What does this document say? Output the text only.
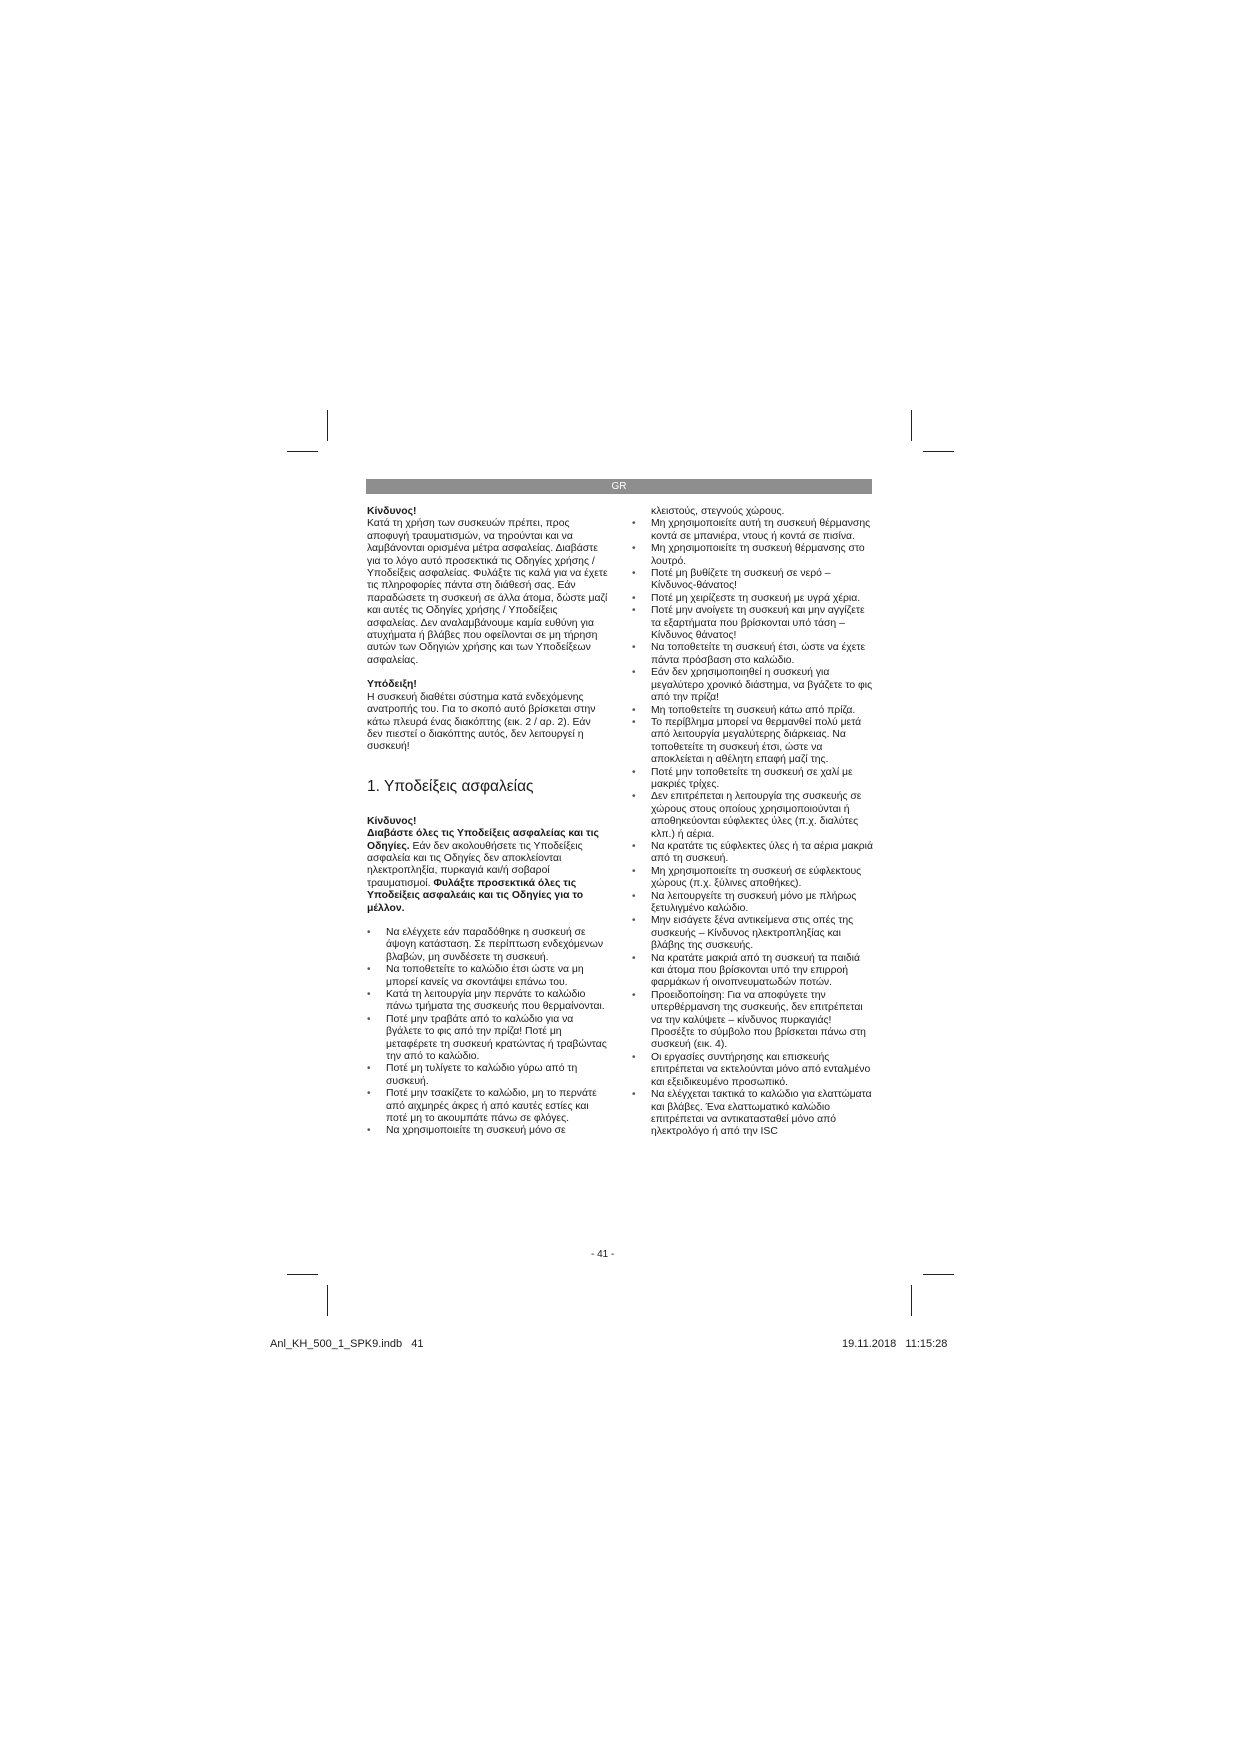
GR

Κίνδυνος!

Κατά τη χρήση των συσκευών πρέπει, προς αποφυγή τραυματισμών, να τηρούνται και να λαμβάνονται ορισμένα μέτρα ασφαλείας. Διαβάστε για το λόγο αυτό προσεκτικά τις Οδηγίες χρήσης / Υποδείξεις ασφαλείας. Φυλάξτε τις καλά για να έχετε τις πληροφορίες πάντα στη διάθεσή σας. Εάν παραδώσετε τη συσκευή σε άλλα άτομα, δώστε μαζί και αυτές τις Οδηγίες χρήσης / Υποδείξεις ασφαλείας. Δεν αναλαμβάνουμε καμία ευθύνη για ατυχήματα ή βλάβες που οφείλονται σε μη τήρηση αυτών των Οδηγιών χρήσης και των Υποδείξεων ασφαλείας.

Υπόδειξη!

Η συσκευή διαθέτει σύστημα κατά ενδεχόμενης ανατροπής του. Για το σκοπό αυτό βρίσκεται στην κάτω πλευρά ένας διακόπτης (εικ. 2 / αρ. 2). Εάν δεν πιεστεί ο διακόπτης αυτός, δεν λειτουργεί η συσκευή!

1. Υποδείξεις ασφαλείας

Κίνδυνος!

Διαβάστε όλες τις Υποδείξεις ασφαλείας και τις Οδηγίες. Εάν δεν ακολουθήσετε τις Υποδείξεις ασφαλεία και τις Οδηγίες δεν αποκλείονται ηλεκτροπληξία, πυρκαγιά και/ή σοβαροί τραυματισμοί. Φυλάξτε προσεκτικά όλες τις Υποδείξεις ασφαλεάις και τις Οδηγίες για το μέλλον.

• Να ελέγχετε εάν παραδόθηκε η συσκευή σε άψογη κατάσταση. Σε περίπτωση ενδεχόμενων βλαβών, μη συνδέσετε τη συσκευή.
• Να τοποθετείτε το καλώδιο έτσι ώστε να μη μπορεί κανείς να σκοντάψει επάνω του.
• Κατά τη λειτουργία μην περνάτε το καλώδιο πάνω τμήματα της συσκευής που θερμαίνονται.
• Ποτέ μην τραβάτε από το καλώδιο για να βγάλετε το φις από την πρίζα! Ποτέ μη μεταφέρετε τη συσκευή κρατώντας ή τραβώντας την από το καλώδιο.
• Ποτέ μη τυλίγετε το καλώδιο γύρω από τη συσκευή.
• Ποτέ μην τσακίζετε το καλώδιο, μη το περνάτε από αιχμηρές άκρες ή από καυτές εστίες και ποτέ μη το ακουμπάτε πάνω σε φλόγες.
• Να χρησιμοποιείτε τη συσκευή μόνο σε

κλειστούς, στεγνούς χώρους.

• Μη χρησιμοποιείτε αυτή τη συσκευή θέρμανσης κοντά σε μπανιέρα, ντους ή κοντά σε πισίνα.
• Μη χρησιμοποιείτε τη συσκευή θέρμανσης στο λουτρό.
• Ποτέ μη βυθίζετε τη συσκευή σε νερό – Κίνδυνος-θάνατος!
• Ποτέ μη χειρίζεστε τη συσκευή με υγρά χέρια.
• Ποτέ μην ανοίγετε τη συσκευή και μην αγγίζετε τα εξαρτήματα που βρίσκονται υπό τάση – Κίνδυνος θάνατος!
• Να τοποθετείτε τη συσκευή έτσι, ώστε να έχετε πάντα πρόσβαση στο καλώδιο.
• Εάν δεν χρησιμοποιηθεί η συσκευή για μεγαλύτερο χρονικό διάστημα, να βγάζετε το φις από την πρίζα!
• Μη τοποθετείτε τη συσκευή κάτω από πρίζα.
• Το περίβλημα μπορεί να θερμανθεί πολύ μετά από λειτουργία μεγαλύτερης διάρκειας. Να τοποθετείτε τη συσκευή έτσι, ώστε να αποκλείεται η αθέλητη επαφή μαζί της.
• Ποτέ μην τοποθετείτε τη συσκευή σε χαλί με μακριές τρίχες.
• Δεν επιτρέπεται η λειτουργία της συσκευής σε χώρους στους οποίους χρησιμοποιούνται ή αποθηκεύονται εύφλεκτες ύλες (π.χ. διαλύτες κλπ.) ή αέρια.
• Να κρατάτε τις εύφλεκτες ύλες ή τα αέρια μακριά από τη συσκευή.
• Μη χρησιμοποιείτε τη συσκευή σε εύφλεκτους χώρους (π.χ. ξύλινες αποθήκες).
• Να λειτουργείτε τη συσκευή μόνο με πλήρως ξετυλιγμένο καλώδιο.
• Μην εισάγετε ξένα αντικείμενα στις οπές της συσκευής – Κίνδυνος ηλεκτροπληξίας και βλάβης της συσκευής.
• Να κρατάτε μακριά από τη συσκευή τα παιδιά και άτομα που βρίσκονται υπό την επιρροή φαρμάκων ή οινοπνευματωδών ποτών.
• Προειδοποίηση: Για να αποφύγετε την υπερθέρμανση της συσκευής, δεν επιτρέπεται να την καλύψετε – κίνδυνος πυρκαγιάς! Προσέξτε το σύμβολο που βρίσκεται πάνω στη συσκευή (εικ. 4).
• Οι εργασίες συντήρησης και επισκευής επιτρέπεται να εκτελούνται μόνο από ενταλμένο και εξειδικευμένο προσωπικό.
• Να ελέγχεται τακτικά το καλώδιο για ελαττώματα και βλάβες. Ένα ελαττωματικό καλώδιο επιτρέπεται να αντικατασταθεί μόνο από ηλεκτρολόγο ή από την ISC
- 41 -
Anl_KH_500_1_SPK9.indb   41	19.11.2018   11:15:28
